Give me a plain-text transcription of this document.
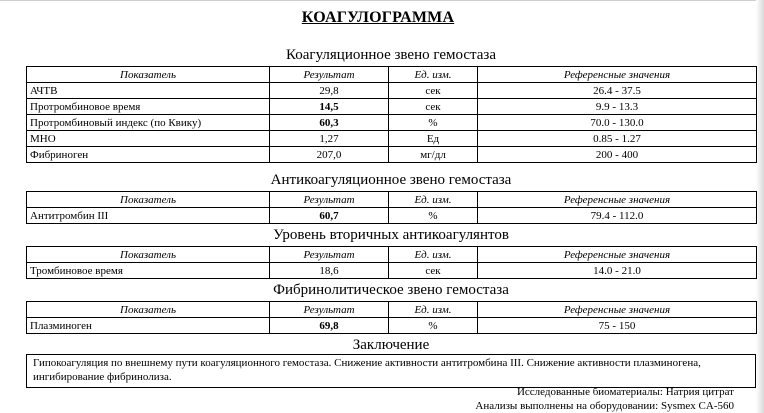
КОАГУЛОГРАММА
Коагуляционное звено гемостаза
Показатель	Результат	Ед. изм.	Референсные значения
АЧТВ	29,8	сек	26.4 - 37.5
Протромбиновое время	14,5	сек	9.9 - 13.3
Протромбиновый индекс (по Квику)	60,3	%	70.0 - 130.0
МНО	1,27	Ед	0.85 - 1.27
Фибриноген	207,0	мг/дл	200 - 400
Антикоагуляционное звено гемостаза
Показатель	Результат	Ед. изм.	Референсные значения
Антитромбин III	60,7	%	79.4 - 112.0
Уровень вторичных антикоагулянтов
Показатель	Результат	Ед. изм.	Референсные значения
Тромбиновое время	18,6	сек	14.0 - 21.0
Фибринолитическое звено гемостаза
Показатель	Результат	Ед. изм.	Референсные значения
Плазминоген	69,8	%	75 - 150
Заключение
Гипокоагуляция по внешнему пути коагуляционного гемостаза. Снижение активности антитромбина III. Снижение активности плазминогена, ингибирование фибринолиза.
Исследованные биоматериалы: Натрия цитрат
Анализы выполнены на оборудовании: Sysmex CA-560
